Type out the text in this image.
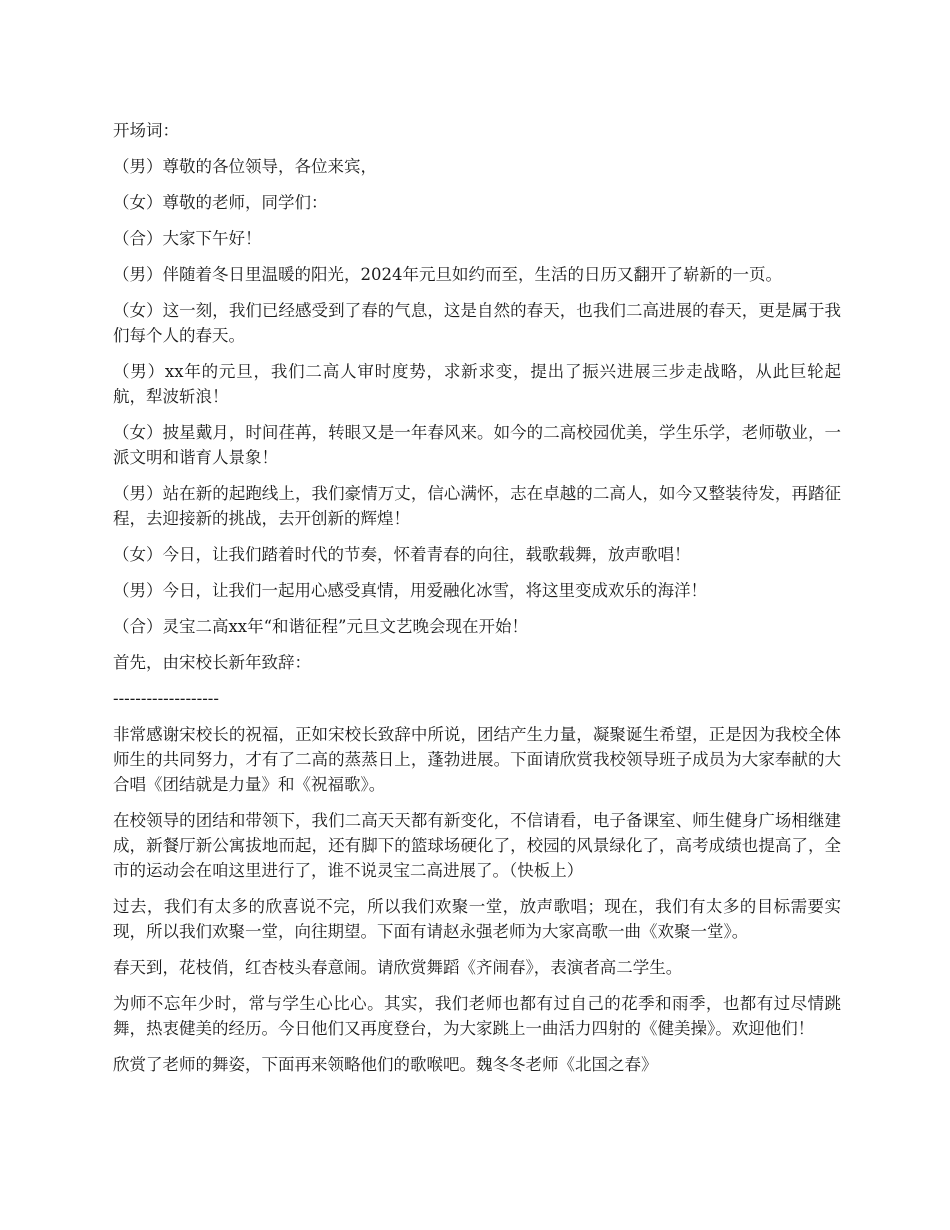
开场词：

（男）尊敬的各位领导，各位来宾，

（女）尊敬的老师，同学们：

（合）大家下午好！

（男）伴随着冬日里温暖的阳光，2024年元旦如约而至，生活的日历又翻开了崭新的一页。

（女）这一刻，我们已经感受到了春的气息，这是自然的春天，也我们二高进展的春天，更是属于我们每个人的春天。

（男）xx年的元旦，我们二高人审时度势，求新求变，提出了振兴进展三步走战略，从此巨轮起航，犁波斩浪！

（女）披星戴月，时间荏苒，转眼又是一年春风来。如今的二高校园优美，学生乐学，老师敬业，一派文明和谐育人景象！

（男）站在新的起跑线上，我们豪情万丈，信心满怀，志在卓越的二高人，如今又整装待发，再踏征程，去迎接新的挑战，去开创新的辉煌！

（女）今日，让我们踏着时代的节奏，怀着青春的向往，载歌载舞，放声歌唱！

（男）今日，让我们一起用心感受真情，用爱融化冰雪，将这里变成欢乐的海洋！

（合）灵宝二高xx年“和谐征程”元旦文艺晚会现在开始！

首先，由宋校长新年致辞：

-------------------

非常感谢宋校长的祝福，正如宋校长致辞中所说，团结产生力量，凝聚诞生希望，正是因为我校全体师生的共同努力，才有了二高的蒸蒸日上，蓬勃进展。下面请欣赏我校领导班子成员为大家奉献的大合唱《团结就是力量》和《祝福歌》。

在校领导的团结和带领下，我们二高天天都有新变化，不信请看，电子备课室、师生健身广场相继建成，新餐厅新公寓拔地而起，还有脚下的篮球场硬化了，校园的风景绿化了，高考成绩也提高了，全市的运动会在咱这里进行了，谁不说灵宝二高进展了。（快板上）

过去，我们有太多的欣喜说不完，所以我们欢聚一堂，放声歌唱；现在，我们有太多的目标需要实现，所以我们欢聚一堂，向往期望。下面有请赵永强老师为大家高歌一曲《欢聚一堂》。

春天到，花枝俏，红杏枝头春意闹。请欣赏舞蹈《齐闹春》，表演者高二学生。

为师不忘年少时，常与学生心比心。其实，我们老师也都有过自己的花季和雨季，也都有过尽情跳舞，热衷健美的经历。今日他们又再度登台，为大家跳上一曲活力四射的《健美操》。欢迎他们！

欣赏了老师的舞姿，下面再来领略他们的歌喉吧。魏冬冬老师《北国之春》
